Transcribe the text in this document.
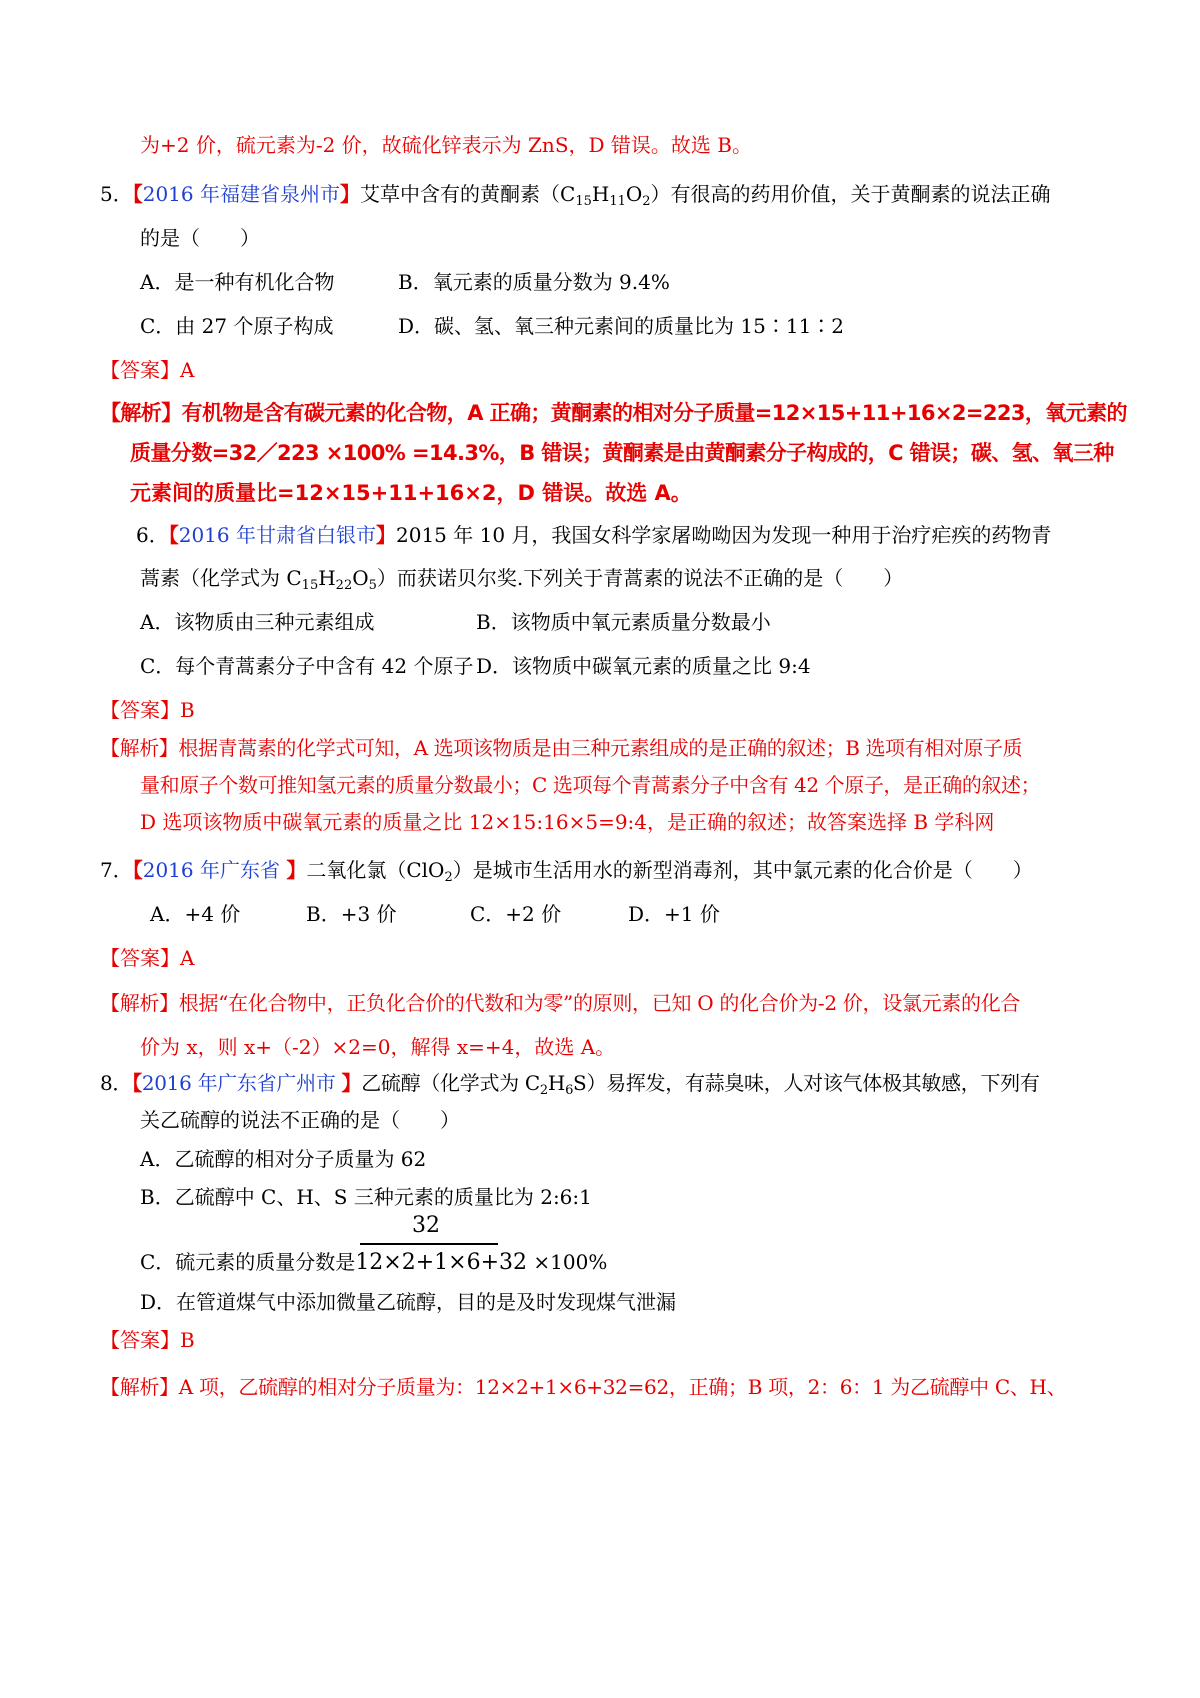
为+2 价，硫元素为-2 价，故硫化锌表示为 ZnS，D 错误。故选 B。
5．【2016 年福建省泉州市】艾草中含有的黄酮素$(C_{15}H_{11}O_2)$有很高的药用价值，关于黄酮素的说法正确
的是（　　）
A．是一种有机化合物	B．氧元素的质量分数为 9.4%
C．由 27 个原子构成	D．碳、氢、氧三种元素间的质量比为 15∶11∶2
【答案】A
【解析】有机物是含有碳元素的化合物，A 正确；黄酮素的相对分子质量=12×15+11+16×2=223，氧元素的
质量分数=32／223 ×100% =14.3%，B 错误；黄酮素是由黄酮素分子构成的，C 错误；碳、氢、氧三种
元素间的质量比=12×15+11+16×2，D 错误。故选 A。
6．【2016 年甘肃省白银市】2015 年 10 月，我国女科学家屠呦呦因为发现一种用于治疗疟疾的药物青
蒿素（化学式为 $C_{15}H_{22}O_5$）而获诺贝尔奖.下列关于青蒿素的说法不正确的是（　　）
A．该物质由三种元素组成	B．该物质中氧元素质量分数最小
C．每个青蒿素分子中含有 42 个原子 D．该物质中碳氧元素的质量之比 9:4
【答案】B
【解析】根据青蒿素的化学式可知，A 选项该物质是由三种元素组成的是正确的叙述；B 选项有相对原子质
量和原子个数可推知氢元素的质量分数最小；C 选项每个青蒿素分子中含有 42 个原子，是正确的叙述；
D 选项该物质中碳氧元素的质量之比 12×15:16×5=9:4，是正确的叙述；故答案选择 B 学科网
7．【2016 年广东省 】二氧化氯（ClO$_2$）是城市生活用水的新型消毒剂，其中氯元素的化合价是（　　）
A．+4 价	B．+3 价	C．+2 价	D．+1 价
【答案】A
【解析】根据“在化合物中，正负化合价的代数和为零”的原则，已知 O 的化合价为-2 价，设氯元素的化合
价为 x，则 x+（-2）×2=0，解得 x=+4，故选 A。
8．【2016 年广东省广州市 】乙硫醇（化学式为 $C_2H_6S$）易挥发，有蒜臭味，人对该气体极其敏感，下列有
关乙硫醇的说法不正确的是（　　）
A．乙硫醇的相对分子质量为 62
B．乙硫醇中 C、H、S 三种元素的质量比为 2:6:1
32
C．硫元素的质量分数是12×2+1×6+32 ×100%
D．在管道煤气中添加微量乙硫醇，目的是及时发现煤气泄漏
【答案】B
【解析】A 项，乙硫醇的相对分子质量为：12×2+1×6+32=62，正确；B 项，2：6：1 为乙硫醇中 C、H、
